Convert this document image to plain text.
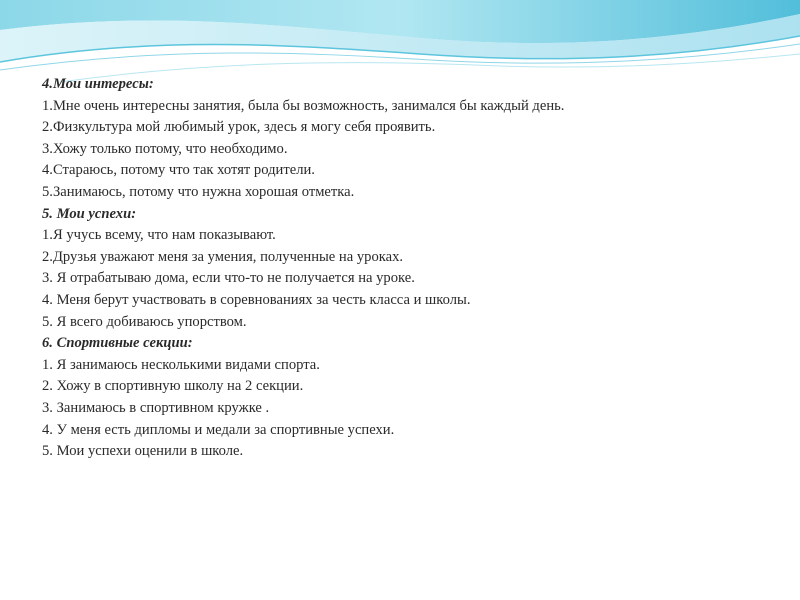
4.Мои интересы:
1.Мне очень интересны занятия, была бы возможность, занимался бы каждый день.
2.Физкультура мой любимый урок, здесь я могу себя проявить.
3.Хожу только потому, что необходимо.
4.Стараюсь, потому что так хотят родители.
5.Занимаюсь, потому что нужна хорошая отметка.
5. Мои успехи:
1.Я учусь всему, что нам показывают.
2.Друзья уважают меня за умения, полученные на уроках.
3. Я отрабатываю дома, если что-то не получается на уроке.
4. Меня берут участвовать в соревнованиях за честь класса и школы.
5. Я всего добиваюсь упорством.
6. Спортивные секции:
1. Я занимаюсь несколькими видами спорта.
2. Хожу в спортивную школу на 2 секции.
3. Занимаюсь в спортивном кружке .
4. У меня есть дипломы и медали за спортивные успехи.
5. Мои успехи оценили в школе.
